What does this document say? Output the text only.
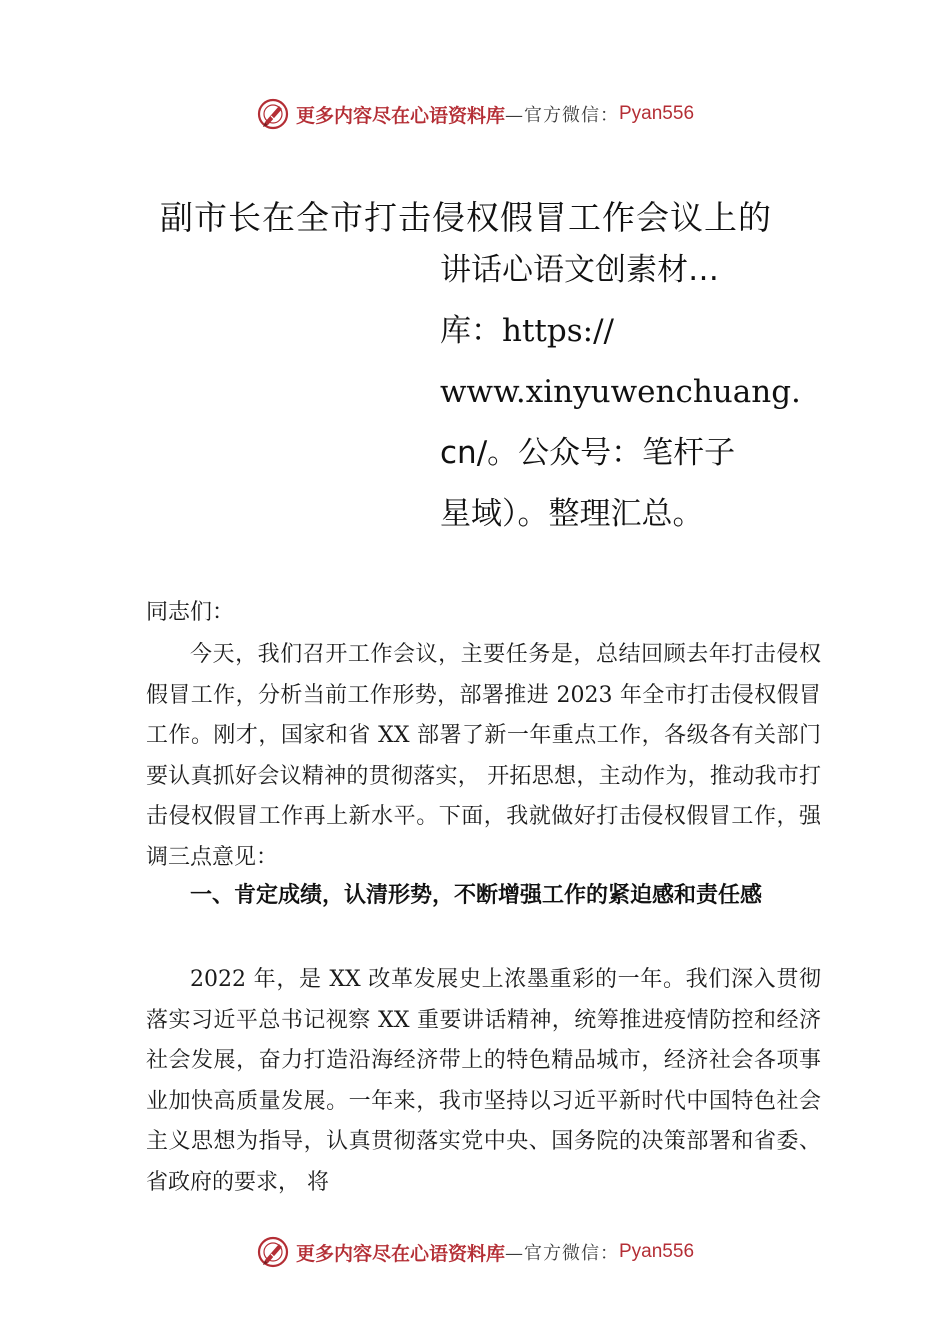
更多内容尽在心语资料库 —官方微信： Pyan556
副市长在全市打击侵权假冒工作会议上的
讲话心语文创素材…
库：https://
www.xinyuwenchuang.
cn/。公众号：笔杆子
星域）。整理汇总。
同志们：
今天，我们召开工作会议，主要任务是，总结回顾去年打击侵权假冒工作，分析当前工作形势，部署推进 2023 年全市打击侵权假冒工作。刚才，国家和省 XX 部署了新一年重点工作，各级各有关部门要认真抓好会议精神的贯彻落实， 开拓思想，主动作为，推动我市打击侵权假冒工作再上新水平。下面，我就做好打击侵权假冒工作，强调三点意见：
一、肯定成绩，认清形势，不断增强工作的紧迫感和责任感
2022 年，是 XX 改革发展史上浓墨重彩的一年。我们深入贯彻落实习近平总书记视察 XX 重要讲话精神，统筹推进疫情防控和经济社会发展，奋力打造沿海经济带上的特色精品城市，经济社会各项事业加快高质量发展。一年来，我市坚持以习近平新时代中国特色社会主义思想为指导，认真贯彻落实党中央、国务院的决策部署和省委、省政府的要求， 将
更多内容尽在心语资料库 —官方微信： Pyan556
